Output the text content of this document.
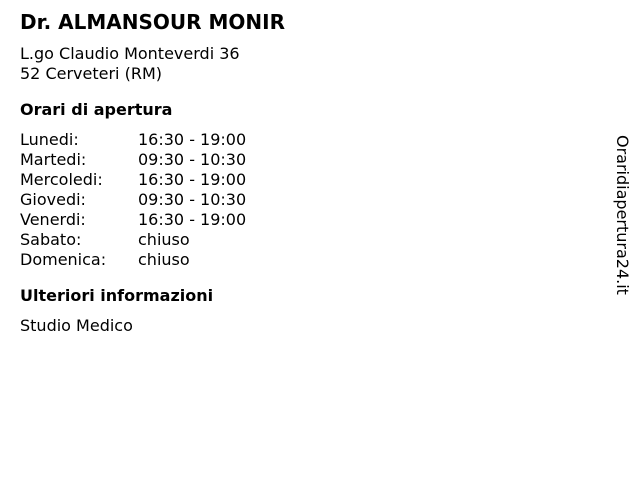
Dr. ALMANSOUR MONIR
L.go Claudio Monteverdi 36
52 Cerveteri (RM)
Orari di apertura
Lunedi:	16:30 - 19:00
Martedi:	09:30 - 10:30
Mercoledi:	16:30 - 19:00
Giovedi:	09:30 - 10:30
Venerdi:	16:30 - 19:00
Sabato:	chiuso
Domenica:	chiuso
Ulteriori informazioni
Studio Medico
Oraridiapertura24.it
